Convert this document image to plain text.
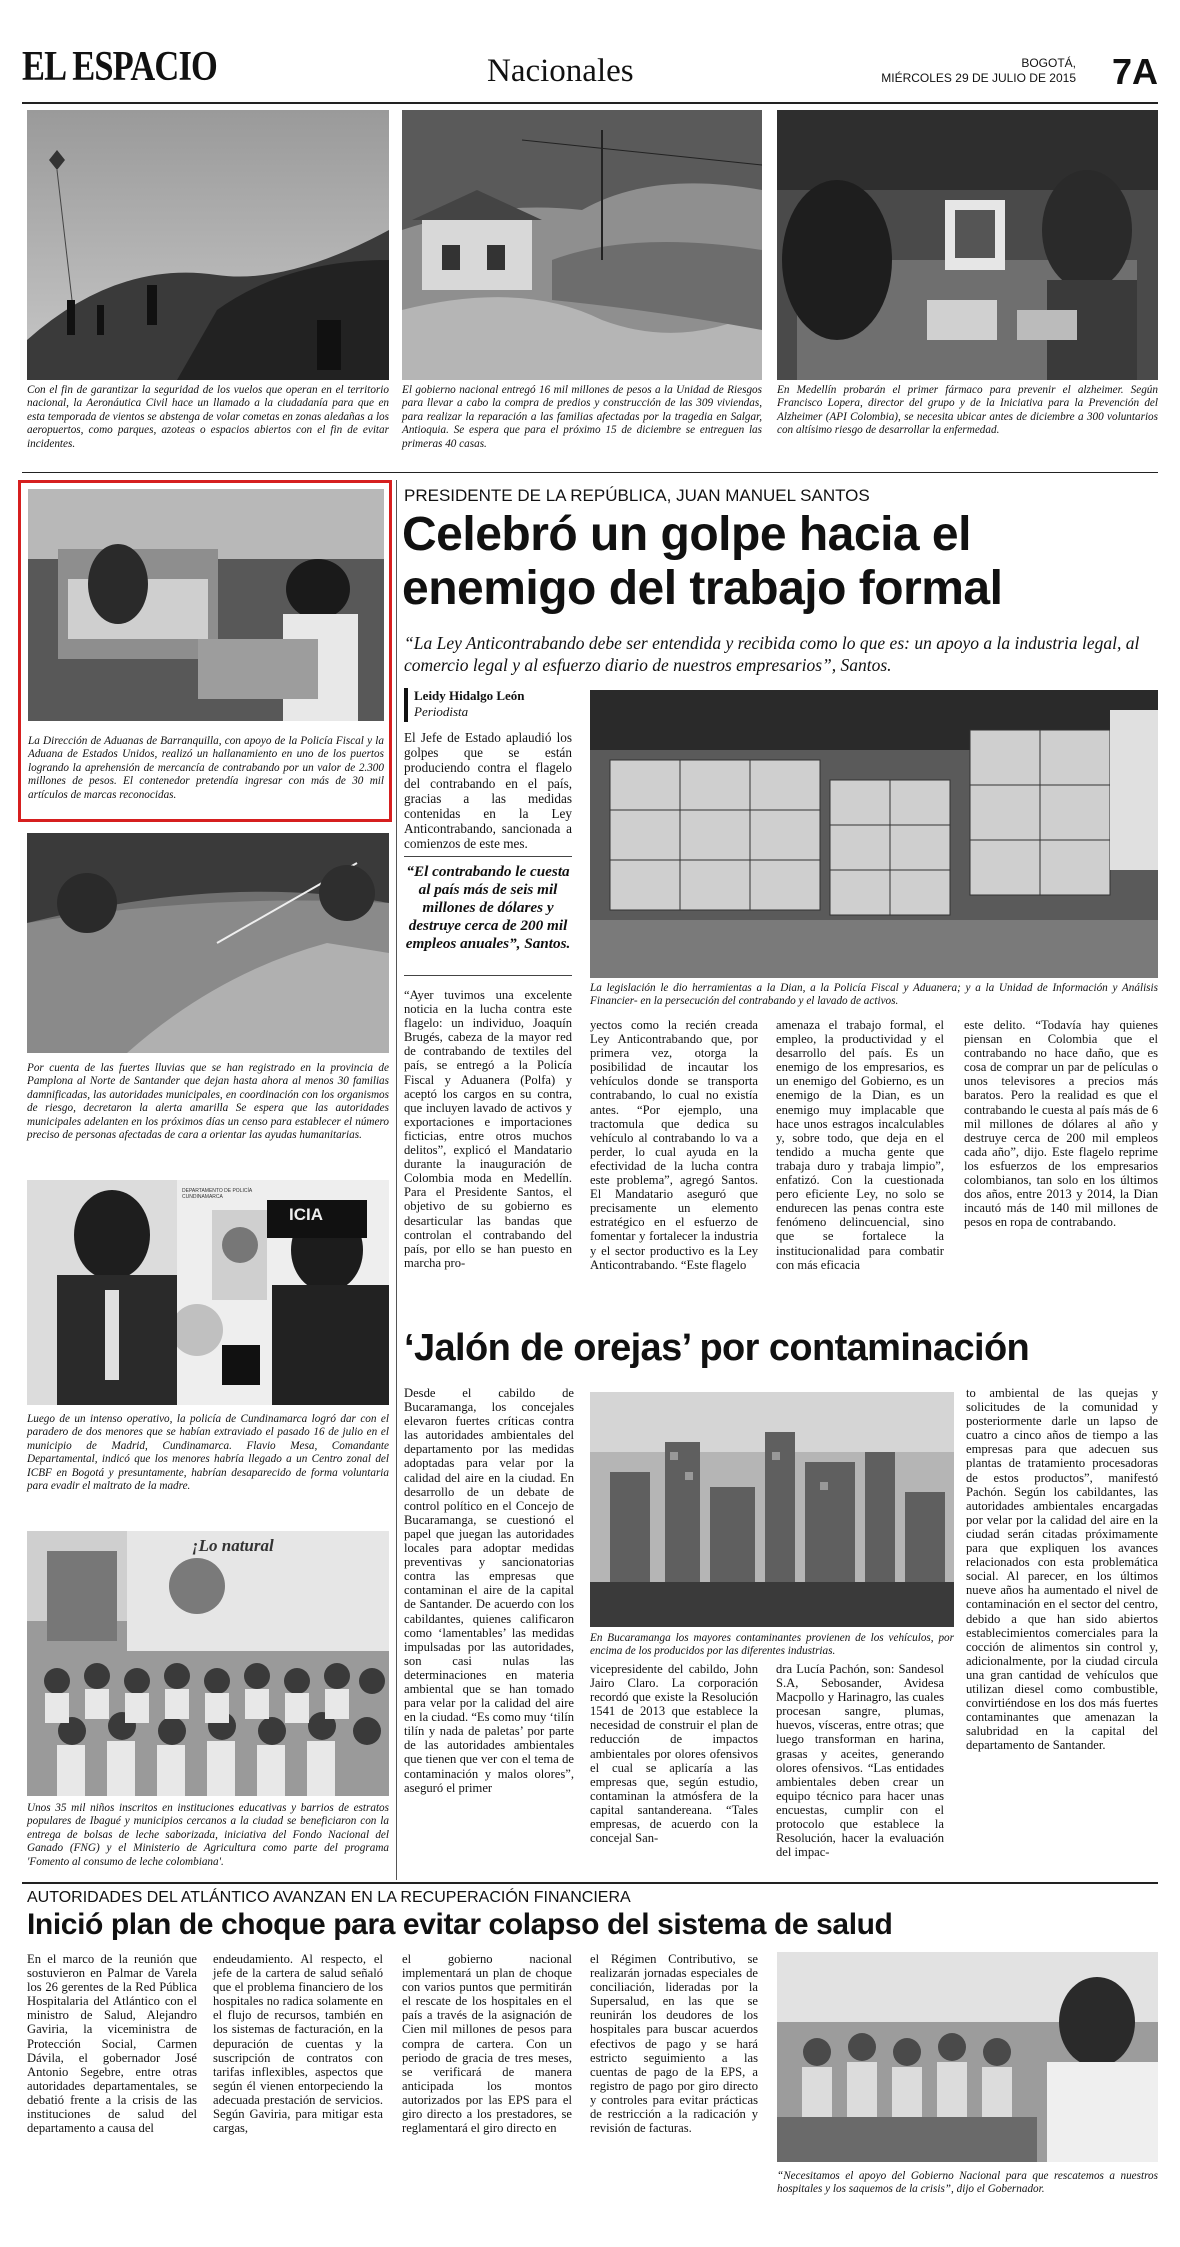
EL ESPACIO	Nacionales	BOGOTÁ,
MIÉRCOLES 29 DE JULIO DE 2015 7A
Con el fin de garantizar la seguridad de los vuelos que operan en el territorio nacional, la Aeronáutica Civil hace un llamado a la ciudadanía para que en esta temporada de vientos se abstenga de volar cometas en zonas aledañas a los aeropuertos, como parques, azoteas o espacios abiertos con el fin de evitar incidentes.
El gobierno nacional entregó 16 mil millones de pesos a la Unidad de Riesgos para llevar a cabo la compra de predios y construcción de las 309 viviendas, para realizar la reparación a las familias afectadas por la tragedia en Salgar, Antioquia. Se espera que para el próximo 15 de diciembre se entreguen las primeras 40 casas.
En Medellín probarán el primer fármaco para prevenir el alzheimer. Según Francisco Lopera, director del grupo y de la Iniciativa para la Prevención del Alzheimer (API Colombia), se necesita ubicar antes de diciembre a 300 voluntarios con altísimo riesgo de desarrollar la enfermedad.
La Dirección de Aduanas de Barranquilla, con apoyo de la Policía Fiscal y la Aduana de Estados Unidos, realizó un hallanamiento en uno de los puertos logrando la aprehensión de mercancía de contrabando por un valor de 2.300 millones de pesos. El contenedor pretendía ingresar con más de 30 mil artículos de marcas reconocidas.
Por cuenta de las fuertes lluvias que se han registrado en la provincia de Pamplona al Norte de Santander que dejan hasta ahora al menos 30 familias damnificadas, las autoridades municipales, en coordinación con los organismos de riesgo, decretaron la alerta amarilla Se espera que las autoridades municipales adelanten en los próximos días un censo para establecer el número preciso de personas afectadas de cara a orientar las ayudas humanitarias.
DEPARTAMENTO DE POLICÍA CUNDINAMARCA
ICIA
Luego de un intenso operativo, la policía de Cundinamarca logró dar con el paradero de dos menores que se habían extraviado el pasado 16 de julio en el municipio de Madrid, Cundinamarca. Flavio Mesa, Comandante Departamental, indicó que los menores habría llegado a un Centro zonal del ICBF en Bogotá y presuntamente, habrían desaparecido de forma voluntaria para evadir el maltrato de la madre.
¡Lo natural
Unos 35 mil niños inscritos en instituciones educativas y barrios de estratos populares de Ibagué y municipios cercanos a la ciudad se beneficiaron con la entrega de bolsas de leche saborizada, iniciativa del Fondo Nacional del Ganado (FNG) y el Ministerio de Agricultura como parte del programa 'Fomento al consumo de leche colombiana'.
PRESIDENTE DE LA REPÚBLICA, JUAN MANUEL SANTOS
Celebró un golpe hacia el
enemigo del trabajo formal
“La Ley Anticontrabando debe ser entendida y recibida como lo que es: un apoyo a la industria legal, al comercio legal y al esfuerzo diario de nuestros empresarios”, Santos.
Leidy Hidalgo León
Periodista
El Jefe de Estado aplaudió los golpes que se están produciendo contra el flagelo del contrabando en el país, gracias a las medidas contenidas en la Ley Anticontrabando, sancionada a comienzos de este mes.
“El contrabando le cuesta al país más de seis mil millones de dólares y destruye cerca de 200 mil empleos anuales”, Santos.
La legislación le dio herramientas a la Dian, a la Policía Fiscal y Aduanera; y a la Unidad de Información y Análisis Financier- en la persecución del contrabando y el lavado de activos.
“Ayer tuvimos una excelente noticia en la lucha contra este flagelo: un individuo, Joaquín Brugés, cabeza de la mayor red de contrabando de textiles del país, se entregó a la Policía Fiscal y Aduanera (Polfa) y aceptó los cargos en su contra, que incluyen lavado de activos y exportaciones e importaciones ficticias, entre otros muchos delitos”, explicó el Mandatario durante la inauguración de Colombia moda en Medellín. Para el Presidente Santos, el objetivo de su gobierno es desarticular las bandas que controlan el contrabando del país, por ello se han puesto en marcha pro-
yectos como la recién creada Ley Anticontrabando que, por primera vez, otorga la posibilidad de incautar los vehículos donde se transporta contrabando, lo cual no existía antes. “Por ejemplo, una tractomula que dedica su vehículo al contrabando lo va a perder, lo cual ayuda en la efectividad de la lucha contra este problema”, agregó Santos. El Mandatario aseguró que precisamente un elemento estratégico en el esfuerzo de fomentar y fortalecer la industria y el sector productivo es la Ley Anticontrabando. “Este flagelo
amenaza el trabajo formal, el empleo, la productividad y el desarrollo del país. Es un enemigo de los empresarios, es un enemigo del Gobierno, es un enemigo de la Dian, es un enemigo muy implacable que hace unos estragos incalculables y, sobre todo, que deja en el tendido a mucha gente que trabaja duro y trabaja limpio”, enfatizó. Con la cuestionada pero eficiente Ley, no solo se endurecen las penas contra este fenómeno delincuencial, sino que se fortalece la institucionalidad para combatir con más eficacia
este delito. “Todavía hay quienes piensan en Colombia que el contrabando no hace daño, que es cosa de comprar un par de películas o unos televisores a precios más baratos. Pero la realidad es que el contrabando le cuesta al país más de 6 mil millones de dólares al año y destruye cerca de 200 mil empleos cada año”, dijo. Este flagelo reprime los esfuerzos de los empresarios colombianos, tan solo en los últimos dos años, entre 2013 y 2014, la Dian incautó más de 140 mil millones de pesos en ropa de contrabando.
‘Jalón de orejas’ por contaminación
Desde el cabildo de Bucaramanga, los concejales elevaron fuertes críticas contra las autoridades ambientales del departamento por las medidas adoptadas para velar por la calidad del aire en la ciudad. En desarrollo de un debate de control político en el Concejo de Bucaramanga, se cuestionó el papel que juegan las autoridades locales para adoptar medidas preventivas y sancionatorias contra las empresas que contaminan el aire de la capital de Santander. De acuerdo con los cabildantes, quienes calificaron como ‘lamentables’ las medidas impulsadas por las autoridades, son casi nulas las determinaciones en materia ambiental que se han tomado para velar por la calidad del aire en la ciudad. “Es como muy ‘tilín tilín y nada de paletas’ por parte de las autoridades ambientales que tienen que ver con el tema de contaminación y malos olores”, aseguró el primer
En Bucaramanga los mayores contaminantes provienen de los vehículos, por encima de los producidos por las diferentes industrias.
vicepresidente del cabildo, John Jairo Claro. La corporación recordó que existe la Resolución 1541 de 2013 que establece la necesidad de construir el plan de reducción de impactos ambientales por olores ofensivos el cual se aplicaría a las empresas que, según estudio, contaminan la atmósfera de la capital santandereana. “Tales empresas, de acuerdo con la concejal San-
dra Lucía Pachón, son: Sandesol S.A, Sebosander, Avidesa Macpollo y Harinagro, las cuales procesan sangre, plumas, huevos, vísceras, entre otras; que luego transforman en harina, grasas y aceites, generando olores ofensivos. “Las entidades ambientales deben crear un equipo técnico para hacer unas encuestas, cumplir con el protocolo que establece la Resolución, hacer la evaluación del impac-
to ambiental de las quejas y solicitudes de la comunidad y posteriormente darle un lapso de cuatro a cinco años de tiempo a las empresas para que adecuen sus plantas de tratamiento procesadoras de estos productos”, manifestó Pachón. Según los cabildantes, las autoridades ambientales encargadas por velar por la calidad del aire en la ciudad serán citadas próximamente para que expliquen los avances relacionados con esta problemática social. Al parecer, en los últimos nueve años ha aumentado el nivel de contaminación en el sector del centro, debido a que han sido abiertos establecimientos comerciales para la cocción de alimentos sin control y, adicionalmente, por la ciudad circula una gran cantidad de vehículos que utilizan diesel como combustible, convirtiéndose en los dos más fuertes contaminantes que amenazan la salubridad en la capital del departamento de Santander.
AUTORIDADES DEL ATLÁNTICO AVANZAN EN LA RECUPERACIÓN FINANCIERA
Inició plan de choque para evitar colapso del sistema de salud
En el marco de la reunión que sostuvieron en Palmar de Varela los 26 gerentes de la Red Pública Hospitalaria del Atlántico con el ministro de Salud, Alejandro Gaviria, la viceministra de Protección Social, Carmen Dávila, el gobernador José Antonio Segebre, entre otras autoridades departamentales, se debatió frente a la crisis de las instituciones de salud del departamento a causa del
endeudamiento. Al respecto, el jefe de la cartera de salud señaló que el problema financiero de los hospitales no radica solamente en el flujo de recursos, también en los sistemas de facturación, en la depuración de cuentas y la suscripción de contratos con tarifas inflexibles, aspectos que según él vienen entorpeciendo la adecuada prestación de servicios. Según Gaviria, para mitigar esta cargas,
el gobierno nacional implementará un plan de choque con varios puntos que permitirán el rescate de los hospitales en el país a través de la asignación de Cien mil millones de pesos para compra de cartera. Con un periodo de gracia de tres meses, se verificará de manera anticipada los montos autorizados por las EPS para el giro directo a los prestadores, se reglamentará el giro directo en
el Régimen Contributivo, se realizarán jornadas especiales de conciliación, lideradas por la Supersalud, en las que se reunirán los deudores de los hospitales para buscar acuerdos efectivos de pago y se hará estricto seguimiento a las cuentas de pago de la EPS, a registro de pago por giro directo y controles para evitar prácticas de restricción a la radicación y revisión de facturas.
“Necesitamos el apoyo del Gobierno Nacional para que rescatemos a nuestros hospitales y los saquemos de la crisis”, dijo el Gobernador.
